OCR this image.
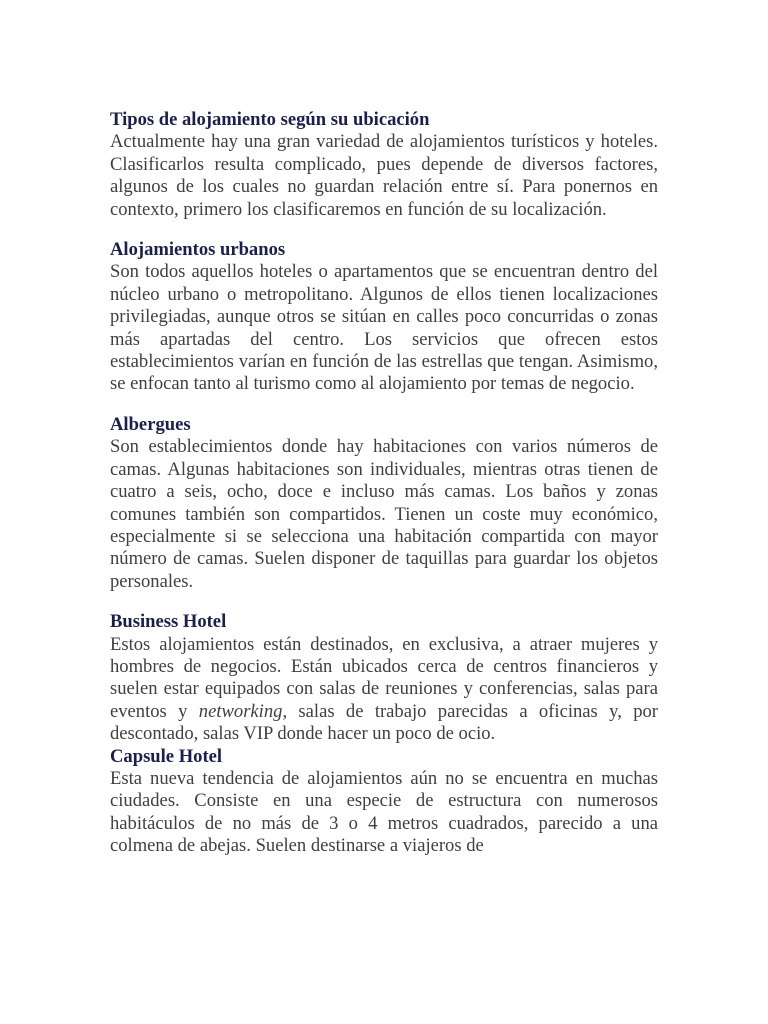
Tipos de alojamiento según su ubicación

Actualmente hay una gran variedad de alojamientos turísticos y hoteles. Clasificarlos resulta complicado, pues depende de diversos factores, algunos de los cuales no guardan relación entre sí. Para ponernos en contexto, primero los clasificaremos en función de su localización.

Alojamientos urbanos

Son todos aquellos hoteles o apartamentos que se encuentran dentro del núcleo urbano o metropolitano. Algunos de ellos tienen localizaciones privilegiadas, aunque otros se sitúan en calles poco concurridas o zonas más apartadas del centro. Los servicios que ofrecen estos establecimientos varían en función de las estrellas que tengan. Asimismo, se enfocan tanto al turismo como al alojamiento por temas de negocio.

Albergues

Son establecimientos donde hay habitaciones con varios números de camas. Algunas habitaciones son individuales, mientras otras tienen de cuatro a seis, ocho, doce e incluso más camas. Los baños y zonas comunes también son compartidos. Tienen un coste muy económico, especialmente si se selecciona una habitación compartida con mayor número de camas. Suelen disponer de taquillas para guardar los objetos personales.

Business Hotel

Estos alojamientos están destinados, en exclusiva, a atraer mujeres y hombres de negocios. Están ubicados cerca de centros financieros y suelen estar equipados con salas de reuniones y conferencias, salas para eventos y networking, salas de trabajo parecidas a oficinas y, por descontado, salas VIP donde hacer un poco de ocio.

Capsule Hotel

Esta nueva tendencia de alojamientos aún no se encuentra en muchas ciudades. Consiste en una especie de estructura con numerosos habitáculos de no más de 3 o 4 metros cuadrados, parecido a una colmena de abejas. Suelen destinarse a viajeros de
